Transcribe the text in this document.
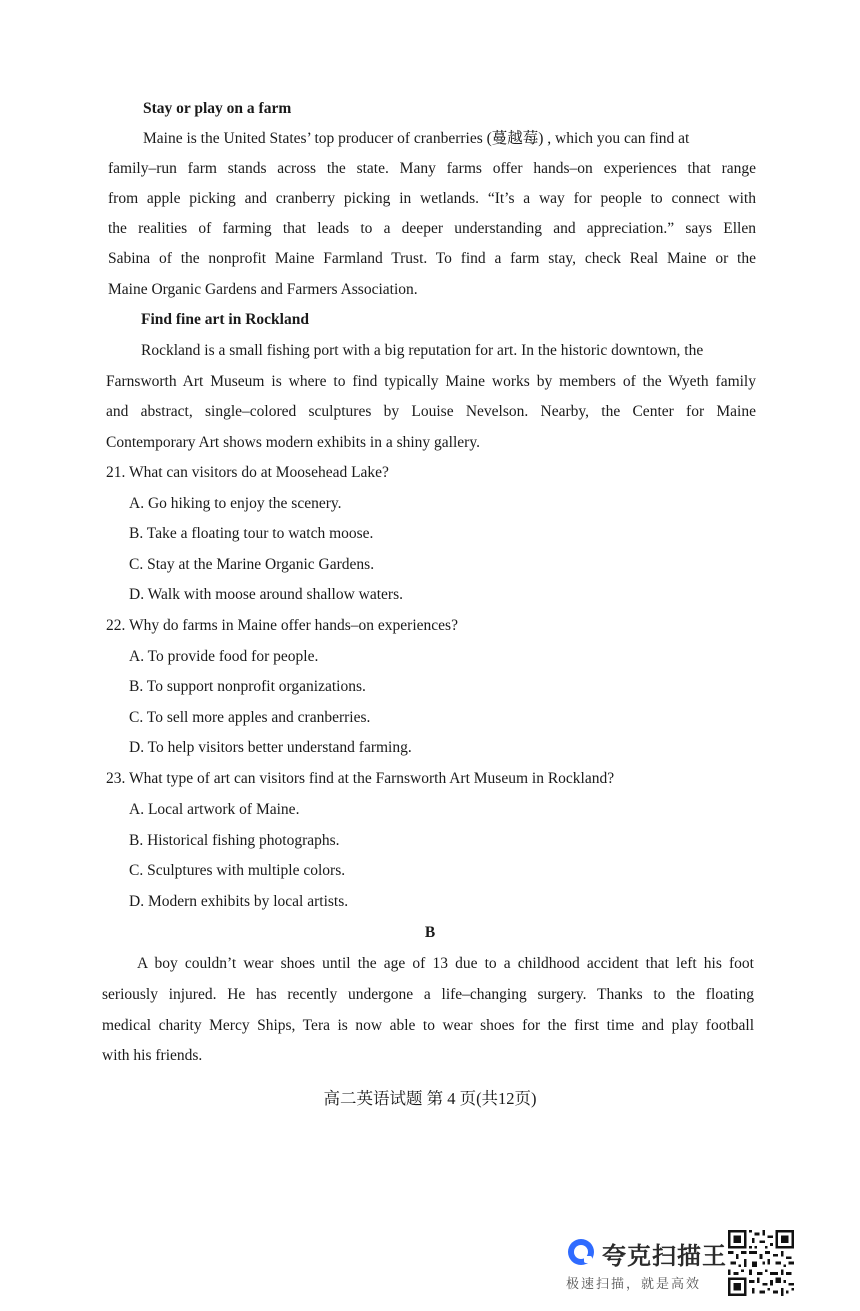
Stay or play on a farm
Maine is the United States’ top producer of cranberries (蔓越莓) , which you can find at
family–run farm stands across the state. Many farms offer hands–on experiences that range
from apple picking and cranberry picking in wetlands. “It’s a way for people to connect with
the realities of farming that leads to a deeper understanding and appreciation.” says Ellen
Sabina of the nonprofit Maine Farmland Trust. To find a farm stay, check Real Maine or the
Maine Organic Gardens and Farmers Association.
Find fine art in Rockland
Rockland is a small fishing port with a big reputation for art. In the historic downtown, the
Farnsworth Art Museum is where to find typically Maine works by members of the Wyeth family
and abstract, single–colored sculptures by Louise Nevelson. Nearby, the Center for Maine
Contemporary Art shows modern exhibits in a shiny gallery.
21. What can visitors do at Moosehead Lake?
A. Go hiking to enjoy the scenery.
B. Take a floating tour to watch moose.
C. Stay at the Marine Organic Gardens.
D. Walk with moose around shallow waters.
22. Why do farms in Maine offer hands–on experiences?
A. To provide food for people.
B. To support nonprofit organizations.
C. To sell more apples and cranberries.
D. To help visitors better understand farming.
23. What type of art can visitors find at the Farnsworth Art Museum in Rockland?
A. Local artwork of Maine.
B. Historical fishing photographs.
C. Sculptures with multiple colors.
D. Modern exhibits by local artists.
B
A boy couldn’t wear shoes until the age of 13 due to a childhood accident that left his foot
seriously injured. He has recently undergone a life–changing surgery. Thanks to the floating
medical charity Mercy Ships, Tera is now able to wear shoes for the first time and play football
with his friends.
高二英语试题 第 4 页(共12页)
夸克扫描王
极速扫描，就是高效
